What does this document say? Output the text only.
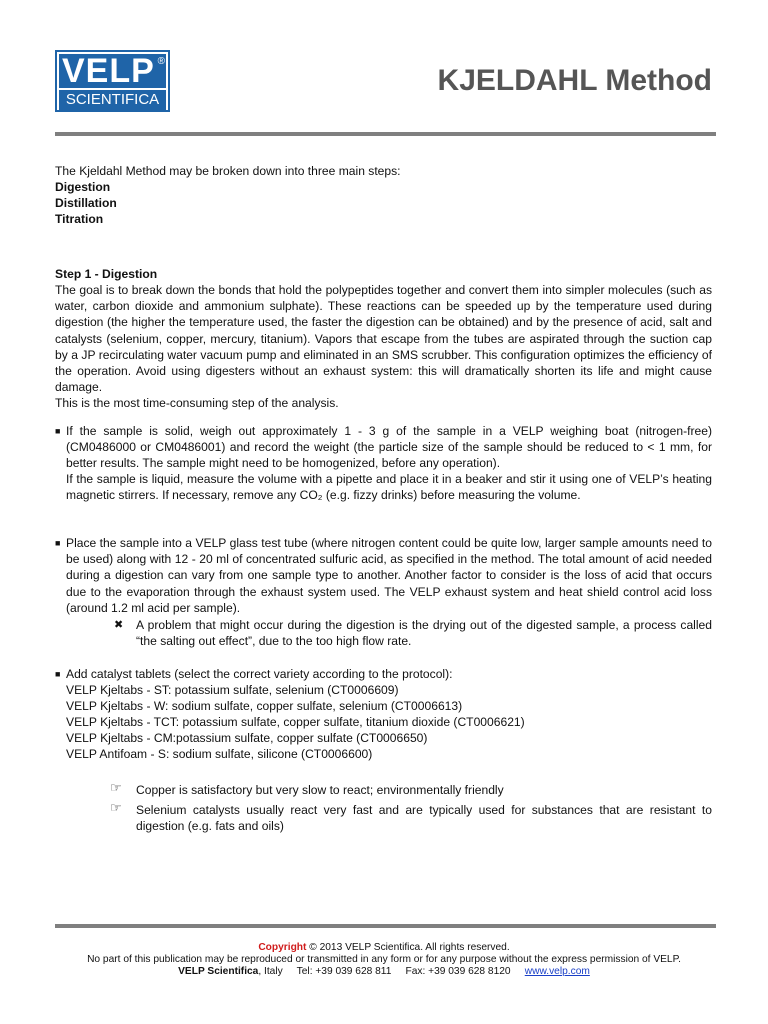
VELP ®
SCIENTIFICA
KJELDAHL Method
The Kjeldahl Method may be broken down into three main steps:
Digestion
Distillation
Titration
Step 1 - Digestion
The goal is to break down the bonds that hold the polypeptides together and convert them into simpler molecules (such as water, carbon dioxide and ammonium sulphate). These reactions can be speeded up by the temperature used during digestion (the higher the temperature used, the faster the digestion can be obtained) and by the presence of acid, salt and catalysts (selenium, copper, mercury, titanium). Vapors that escape from the tubes are aspirated through the suction cap by a JP recirculating water vacuum pump and eliminated in an SMS scrubber. This configuration optimizes the efficiency of the operation. Avoid using digesters without an exhaust system: this will dramatically shorten its life and might cause damage.
This is the most time-consuming step of the analysis.
■ If the sample is solid, weigh out approximately 1 - 3 g of the sample in a VELP weighing boat (nitrogen-free) (CM0486000 or CM0486001) and record the weight (the particle size of the sample should be reduced to < 1 mm, for better results. The sample might need to be homogenized, before any operation).
If the sample is liquid, measure the volume with a pipette and place it in a beaker and stir it using one of VELP’s heating magnetic stirrers. If necessary, remove any CO₂ (e.g. fizzy drinks) before measuring the volume.
■ Place the sample into a VELP glass test tube (where nitrogen content could be quite low, larger sample amounts need to be used) along with 12 - 20 ml of concentrated sulfuric acid, as specified in the method. The total amount of acid needed during a digestion can vary from one sample type to another. Another factor to consider is the loss of acid that occurs due to the evaporation through the exhaust system used. The VELP exhaust system and heat shield control acid loss (around 1.2 ml acid per sample).
✖ A problem that might occur during the digestion is the drying out of the digested sample, a process called “the salting out effect”, due to the too high flow rate.
■ Add catalyst tablets (select the correct variety according to the protocol):
VELP Kjeltabs - ST: potassium sulfate, selenium (CT0006609)
VELP Kjeltabs - W: sodium sulfate, copper sulfate, selenium (CT0006613)
VELP Kjeltabs - TCT: potassium sulfate, copper sulfate, titanium dioxide (CT0006621)
VELP Kjeltabs - CM:potassium sulfate, copper sulfate (CT0006650)
VELP Antifoam - S: sodium sulfate, silicone (CT0006600)
☞ Copper is satisfactory but very slow to react; environmentally friendly
☞ Selenium catalysts usually react very fast and are typically used for substances that are resistant to digestion (e.g. fats and oils)
Copyright © 2013 VELP Scientifica. All rights reserved.
No part of this publication may be reproduced or transmitted in any form or for any purpose without the express permission of VELP.
VELP Scientifica, Italy     Tel: +39 039 628 811     Fax: +39 039 628 8120     www.velp.com
